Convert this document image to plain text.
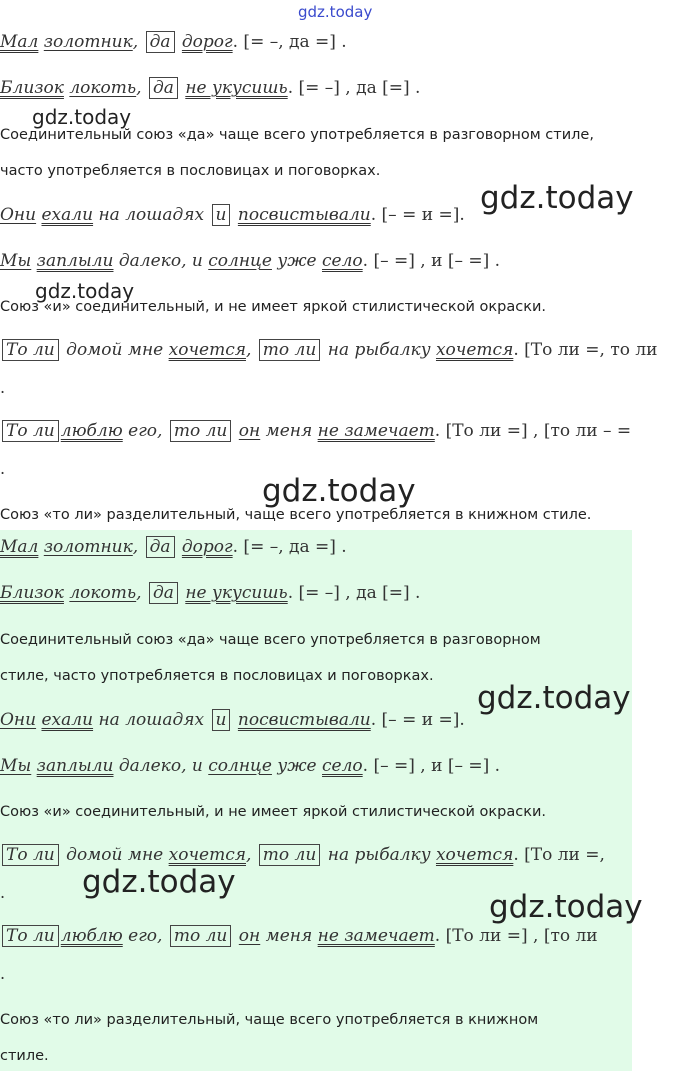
Мал золотник, да дорог. [= –, да =] .
Близок локоть, да не укусишь. [= –] , да [=] .
Соединительный союз «да» чаще всего употребляется в разговорном стиле,
часто употребляется в пословицах и поговорках.
Они ехали на лошадях и посвистывали. [– = и =].
Мы заплыли далеко, и солнце уже село. [– =] , и [– =] .
Союз «и» соединительный, и не имеет яркой стилистической окраски.
То ли домой мне хочется, то ли на рыбалку хочется. [То ли =, то ли
.
То ли люблю его, то ли он меня не замечает. [То ли =] , [то ли – =
.
Союз «то ли» разделительный, чаще всего употребляется в книжном стиле.
Мал золотник, да дорог. [= –, да =] .
Близок локоть, да не укусишь. [= –] , да [=] .
Соединительный союз «да» чаще всего употребляется в разговорном
стиле, часто употребляется в пословицах и поговорках.
Они ехали на лошадях и посвистывали. [– = и =].
Мы заплыли далеко, и солнце уже село. [– =] , и [– =] .
Союз «и» соединительный, и не имеет яркой стилистической окраски.
То ли домой мне хочется, то ли на рыбалку хочется. [То ли =,
.
То ли люблю его, то ли он меня не замечает. [То ли =] , [то ли
.
Союз «то ли» разделительный, чаще всего употребляется в книжном
стиле.
gdz.today
gdz.today
gdz.today
gdz.today
gdz.today
gdz.today
gdz.today
gdz.today
